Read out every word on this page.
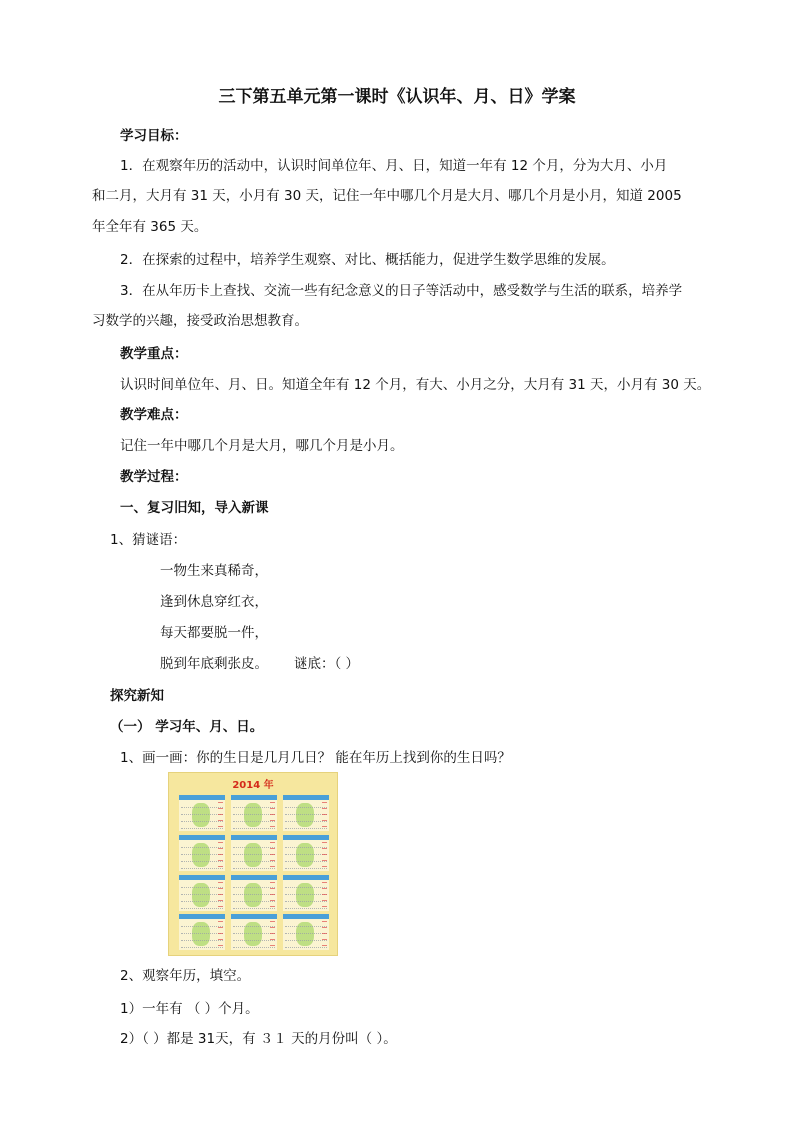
三下第五单元第一课时《认识年、月、日》学案
学习目标：
1．在观察年历的活动中，认识时间单位年、月、日，知道一年有 12 个月，分为大月、小月
和二月，大月有 31 天，小月有 30 天，记住一年中哪几个月是大月、哪几个月是小月，知道 2005
年全年有 365 天。
2．在探索的过程中，培养学生观察、对比、概括能力，促进学生数学思维的发展。
3．在从年历卡上查找、交流一些有纪念意义的日子等活动中，感受数学与生活的联系，培养学
习数学的兴趣，接受政治思想教育。
教学重点：
认识时间单位年、月、日。知道全年有 12 个月，有大、小月之分，大月有 31 天，小月有 30 天。
教学难点：
记住一年中哪几个月是大月，哪几个月是小月。
教学过程：
一、复习旧知，导入新课
1、猜谜语：
一物生来真稀奇，
逢到休息穿红衣，
每天都要脱一件，
脱到年底剩张皮。 谜底：（ ）
探究新知
（一） 学习年、月、日。
1、画一画：你的生日是几月几日？ 能在年历上找到你的生日吗？
2014 年
2、观察年历，填空。
1）一年有 （ ）个月。
2）（ ）都是 31天，有 ３１ 天的月份叫（ ）。
